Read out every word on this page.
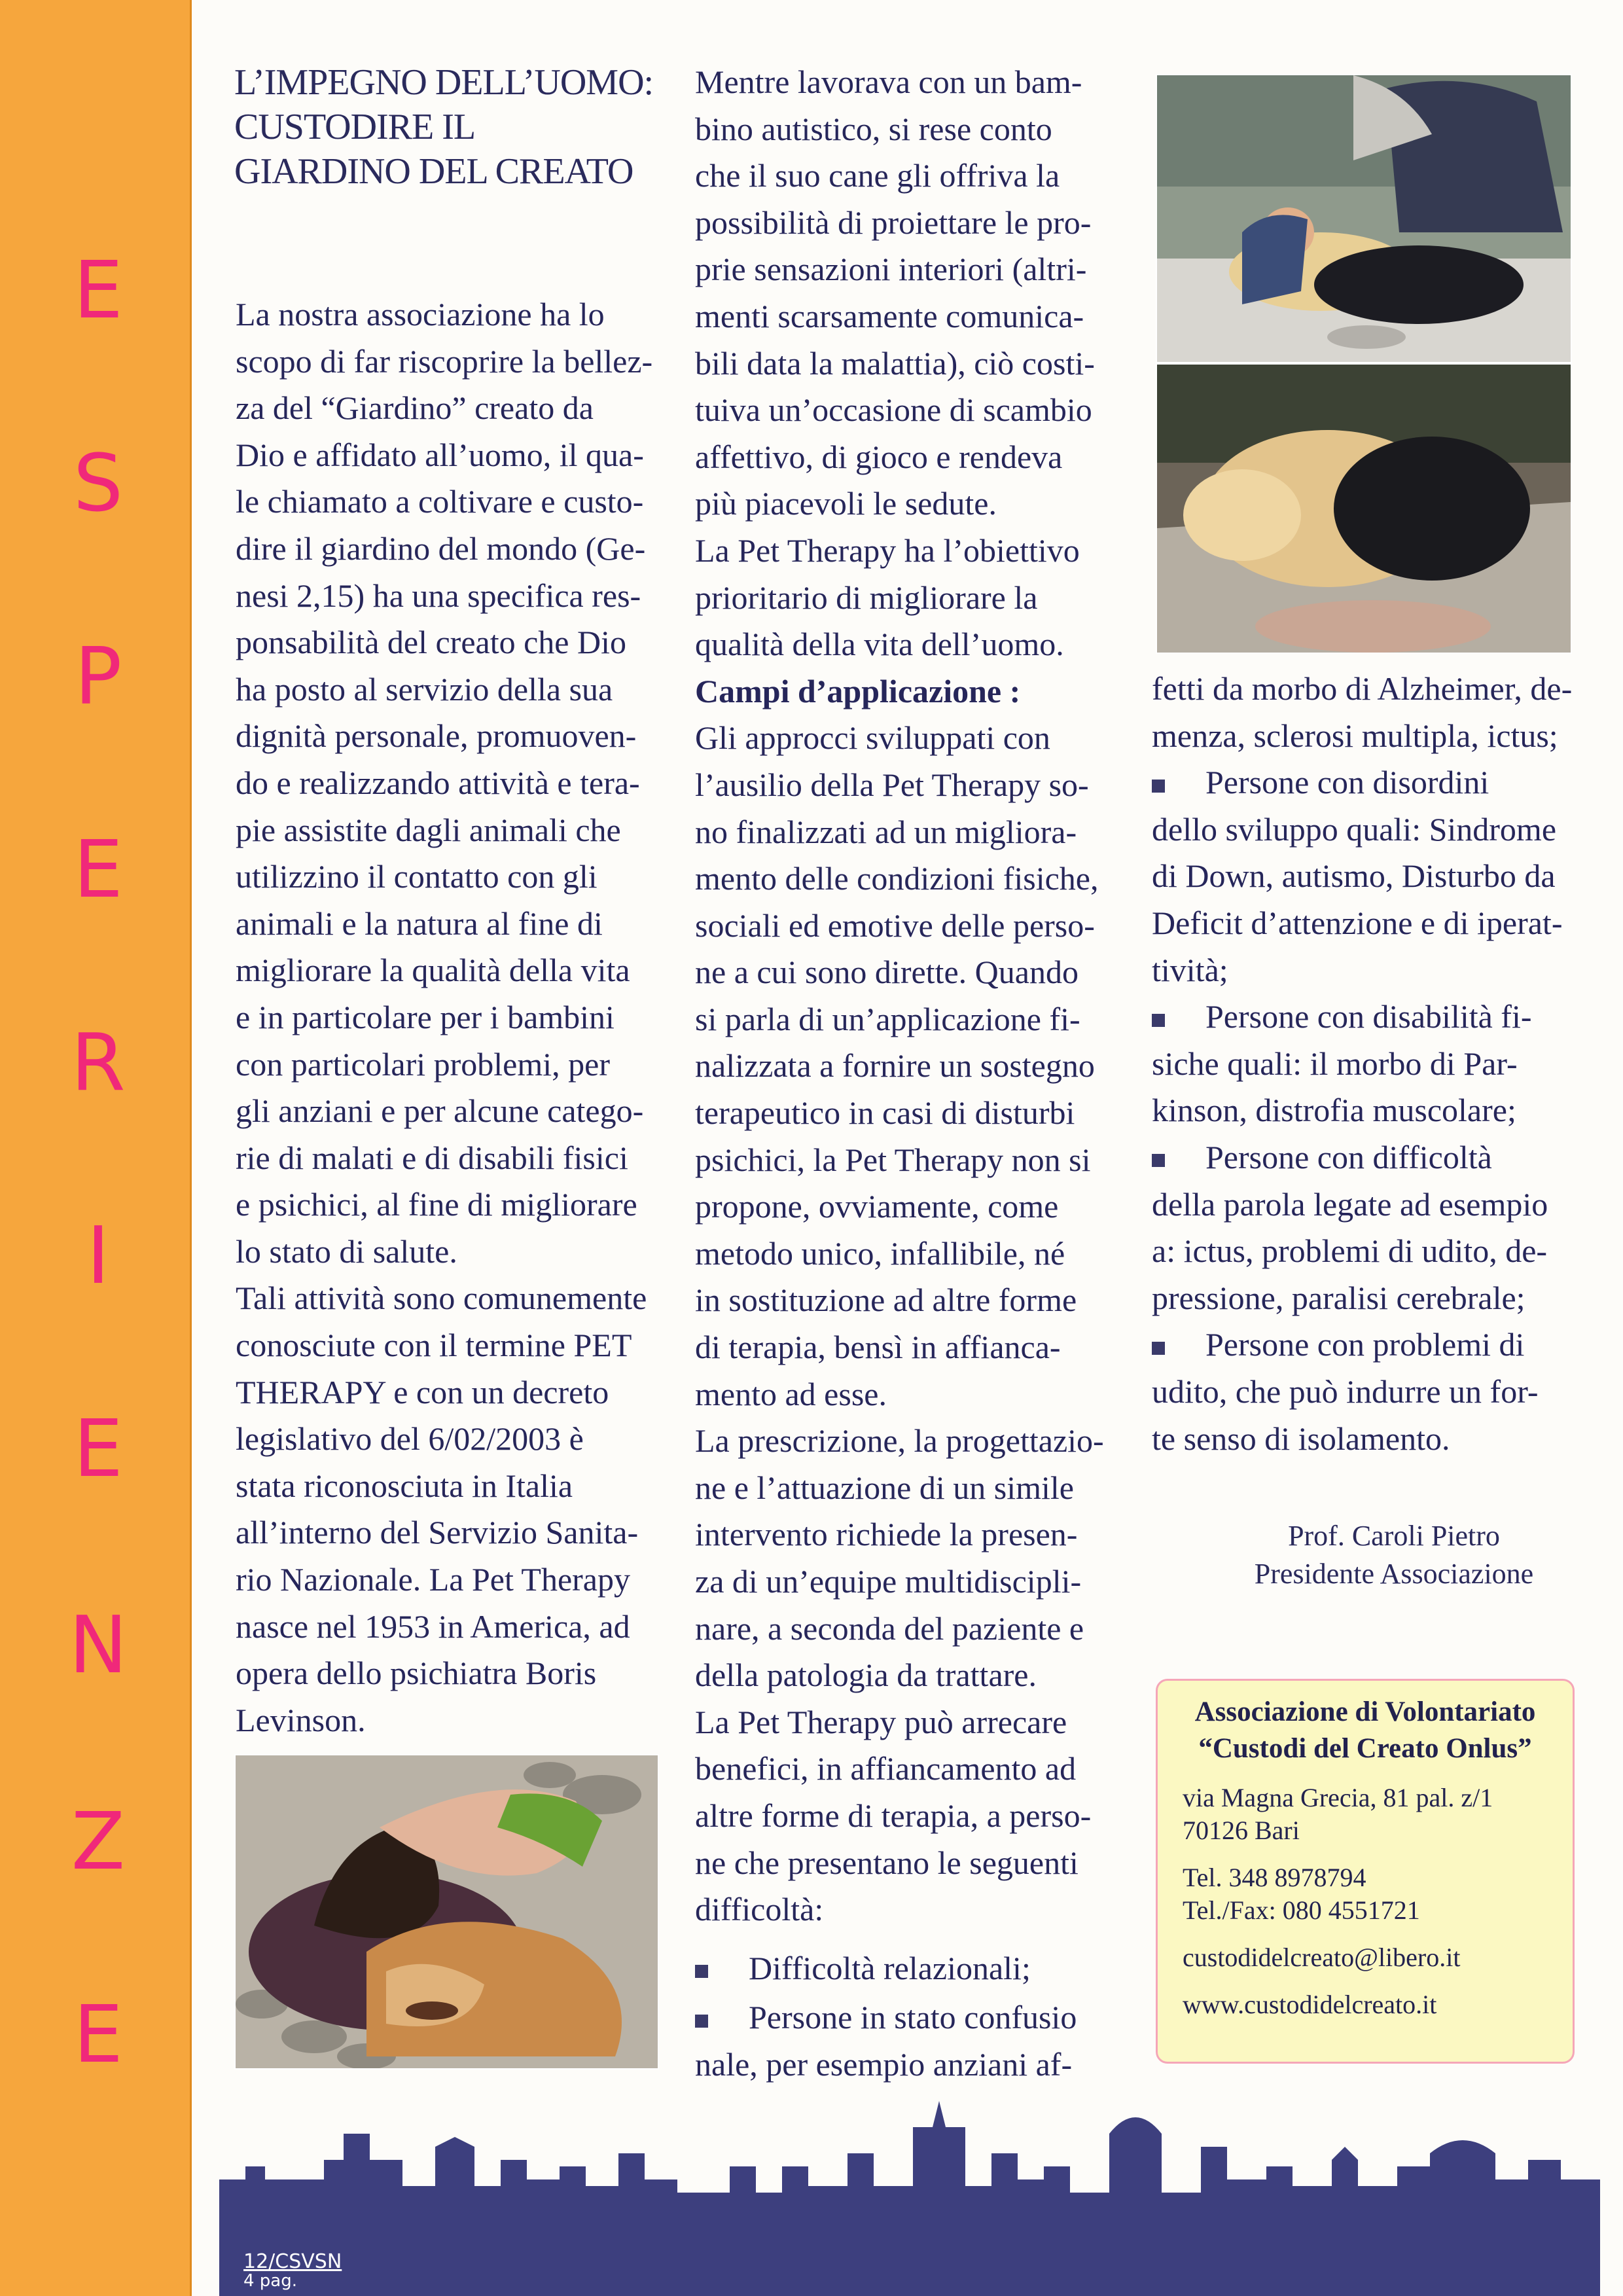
E
S
P
E
R
I
E
N
Z
E
L’IMPEGNO DELL’UOMO:
CUSTODIRE IL
GIARDINO DEL CREATO
La nostra associazione ha lo
scopo di far riscoprire la bellez-
za del “Giardino” creato da
Dio e affidato all’uomo, il qua-
le chiamato a coltivare e custo-
dire il giardino del mondo (Ge-
nesi 2,15) ha una specifica res-
ponsabilità del creato che Dio
ha posto al servizio della sua
dignità personale, promuoven-
do e realizzando attività e tera-
pie assistite dagli animali che
utilizzino il contatto con gli
animali e la natura al fine di
migliorare la qualità della vita
e in particolare per i bambini
con particolari problemi, per
gli anziani e per alcune catego-
rie di malati e di disabili fisici
e psichici, al fine di migliorare
lo stato di salute.
Tali attività sono comunemente
conosciute con il termine PET
THERAPY e con un decreto
legislativo del 6/02/2003 è
stata riconosciuta in Italia
all’interno del Servizio Sanita-
rio Nazionale. La Pet Therapy
nasce nel 1953 in America, ad
opera dello psichiatra Boris
Levinson.
Mentre lavorava con un bam-
bino autistico, si rese conto
che il suo cane gli offriva la
possibilità di proiettare le pro-
prie sensazioni interiori (altri-
menti scarsamente comunica-
bili data la malattia), ciò costi-
tuiva un’occasione di scambio
affettivo, di gioco e rendeva
più piacevoli le sedute.
La Pet Therapy ha l’obiettivo
prioritario di migliorare la
qualità della vita dell’uomo.
Campi d’applicazione :
Gli approcci sviluppati con
l’ausilio della Pet Therapy so-
no finalizzati ad un migliora-
mento delle condizioni fisiche,
sociali ed emotive delle perso-
ne a cui sono dirette. Quando
si parla di un’applicazione fi-
nalizzata a fornire un sostegno
terapeutico in casi di disturbi
psichici, la Pet Therapy non si
propone, ovviamente, come
metodo unico, infallibile, né
in sostituzione ad altre forme
di terapia, bensì in affianca-
mento ad esse.
La prescrizione, la progettazio-
ne e l’attuazione di un simile
intervento richiede la presen-
za di un’equipe multidiscipli-
nare, a seconda del paziente e
della patologia da trattare.
La Pet Therapy può arrecare
benefici, in affiancamento ad
altre forme di terapia, a perso-
ne che presentano le seguenti
difficoltà:
Difficoltà relazionali;
Persone in stato confusio
nale, per esempio anziani af-
fetti da morbo di Alzheimer, de-
menza, sclerosi multipla, ictus;
Persone con disordini
dello sviluppo quali: Sindrome
di Down, autismo, Disturbo da
Deficit d’attenzione e di iperat-
tività;
Persone con disabilità fi-
siche quali: il morbo di Par-
kinson, distrofia muscolare;
Persone con difficoltà
della parola legate ad esempio
a: ictus, problemi di udito, de-
pressione, paralisi cerebrale;
Persone con problemi di
udito, che può indurre un for-
te senso di isolamento.
Prof. Caroli Pietro
Presidente Associazione
Associazione di Volontariato
“Custodi del Creato Onlus”
via Magna Grecia, 81 pal. z/1
70126 Bari
Tel. 348 8978794
Tel./Fax: 080 4551721
custodidelcreato@libero.it
www.custodidelcreato.it
12/CSVSN
4 pag.
